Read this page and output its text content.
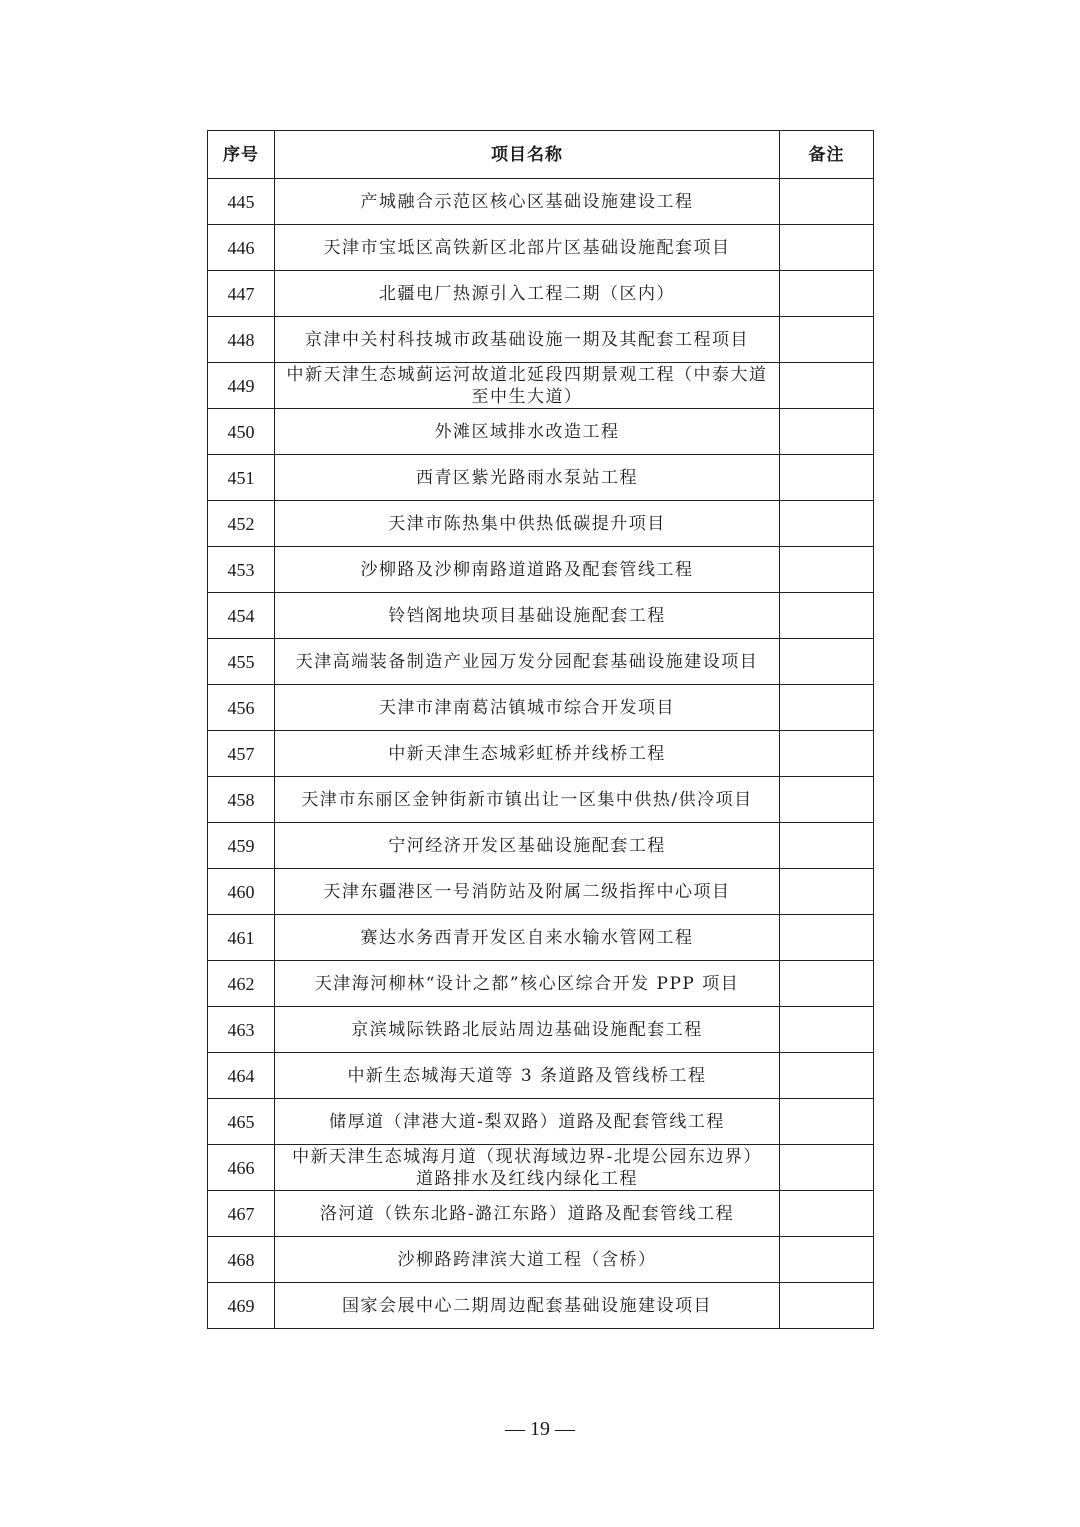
序号	项目名称	备注
445	产城融合示范区核心区基础设施建设工程	
446	天津市宝坻区高铁新区北部片区基础设施配套项目	
447	北疆电厂热源引入工程二期（区内）	
448	京津中关村科技城市政基础设施一期及其配套工程项目	
449	中新天津生态城蓟运河故道北延段四期景观工程（中泰大道至中生大道）	
450	外滩区域排水改造工程	
451	西青区紫光路雨水泵站工程	
452	天津市陈热集中供热低碳提升项目	
453	沙柳路及沙柳南路道道路及配套管线工程	
454	铃铛阁地块项目基础设施配套工程	
455	天津高端装备制造产业园万发分园配套基础设施建设项目	
456	天津市津南葛沽镇城市综合开发项目	
457	中新天津生态城彩虹桥并线桥工程	
458	天津市东丽区金钟街新市镇出让一区集中供热/供冷项目	
459	宁河经济开发区基础设施配套工程	
460	天津东疆港区一号消防站及附属二级指挥中心项目	
461	赛达水务西青开发区自来水输水管网工程	
462	天津海河柳林“设计之都”核心区综合开发 PPP 项目	
463	京滨城际铁路北辰站周边基础设施配套工程	
464	中新生态城海天道等 3 条道路及管线桥工程	
465	储厚道（津港大道-梨双路）道路及配套管线工程	
466	中新天津生态城海月道（现状海域边界-北堤公园东边界）道路排水及红线内绿化工程	
467	洛河道（铁东北路-潞江东路）道路及配套管线工程	
468	沙柳路跨津滨大道工程（含桥）	
469	国家会展中心二期周边配套基础设施建设项目	
— 19 —
